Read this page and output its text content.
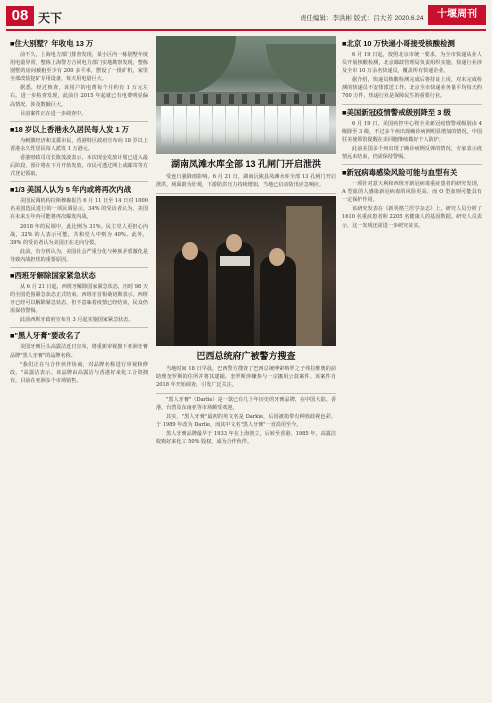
08 天下	责任编辑：李洪彬 版式：吕大芳 2020.6.24	十堰周刊
■住大别墅？年收电 13 万

前不久，上海电力部门排查发现，某小区内一栋别墅年度用电量异常，整栋上海警方合同电力部门实地勘察发现，整栋别墅的房间被租至少有 200 多平米，摆设了一批矿机，家里全部改装挖矿专用设备，每天用电量巨大。

据悉，经过核查，该用户的电费每个月约有 1 万元左右。进一步检查发现，此前自 2015 年起就已有电费明显偏高情况，涉及数额巨大。

目前案件正在进一步调查中。

■18 岁以上香港永久居民每人发 1 万

为刺激经济和支援市民，香港特区政府宣布向 18 岁以上香港永久性居民每人派发 1 万港元。

香港财政司司长陈茂波表示，本次现金发放计划已进入最后阶段，预计将在下月开始发放，市民可透过网上或邮寄等方式登记领取。

■1/3 美国人认为 5 年内或将再次内战

美国民调机构拉斯穆森报告 6 月 11 日至 14 日对 1000 名美国选民进行的一项民调显示，34% 的受访者认为，美国在未来五年内可能将再次爆发内战。

2018 年的民调中，此比例为 31%。民主党人更担心内战，32% 的人表示可能，共和党人中则为 40%。此外，39% 的受访者认为美国正在走向分裂。

此前，有分析认为，美国社会严重分化与种族矛盾激化是导致内战担忧的重要原因。

■西班牙解除国家紧急状态

从 6 月 21 日起，西班牙解除国家紧急状态，历时 98 天的全国范围紧急状态正式结束。西班牙首相桑切斯表示，西班牙已经可以解除紧急状态，但不意味着疫情已经结束，民众仍需保持警惕。

此前西班牙政府宣布自 3 月起实施国家紧急状态。

■"黑人牙膏"要改名了

美国牙膏巨头高露洁近日宣布，将重新审视旗下亚洲牙膏品牌"黑人牙膏"的品牌名称。

"我们正在与合作伙伴协商，对品牌名称进行审视和修改。"高露洁表示。该品牌由高露洁与香港好来化工合资拥有，目前在亚洲多个市场销售。

湖南凤滩水库全部 13 孔闸门开启泄洪

受连日强降雨影响，6 月 21 日，湖南沅陵县凤滩水库全部 13 孔闸门开启泄洪，场面蔚为壮观，下游防洪压力持续增加，当地已启动防汛应急响应。

巴西总统府广被警方搜查

当地时间 18 日早晨，巴西警方搜查了巴西总统博索纳罗之子弗拉维奥的前助理奎罗斯的住所并将其逮捕。奎罗斯涉嫌参与一宗挪用公款案件。该案件自 2018 年开始调查，引发广泛关注。

"黑人牙膏"（Darlie）是一款已有几十年历史的牙膏品牌，在中国大陆、香港、台湾及东南亚等市场颇受欢迎。

其实，"黑人牙膏"最初的英文名是 Darkie，后因被指带有种族歧视色彩，于 1989 年改为 Darlie。而其中文名"黑人牙膏"一直沿用至今。

黑人牙膏品牌最早于 1933 年在上海创立，后转至香港。1985 年，高露洁收购好来化工 50% 股权，成为合作伙伴。

■北京 10 万快递小哥接受核酸检测

6 月 19 日起，按照北京市统一要求，为全市快递从业人员开展核酸检测，北京邮政管理局负责组织实施。快递行业涉及全市 10 万余名快递员，覆盖所有快递企业。

据介绍，快递员核酸检测完成后将持证上岗，对未完成检测的快递员不安排派送工作。北京全市快递业务量平均每天约 700 万件，快递行业是保障民生的重要行业。

■美国新冠疫情警戒级别降至 3 级

6 月 19 日，美国疾控中心将全美新冠疫情警戒级别由 4 级降至 3 级，不过多个州出现确诊病例明显增加的情况，中国驻美使领馆提醒在美同胞继续做好个人防护。

此前美国多个州出现了确诊病例反弹的情况，专家表示疫情远未结束，仍需保持警惕。

■新冠病毒感染风险可能与血型有关

一项针对意大利和西班牙新冠病毒重症患者的研究发现，A 型血的人感染新冠病毒的风险更高，而 O 型血则可能具有一定保护作用。

该研究发表在《新英格兰医学杂志》上，研究人员分析了 1610 名重症患者和 2205 名健康人的基因数据。研究人员表示，这一发现还需进一步研究证实。
